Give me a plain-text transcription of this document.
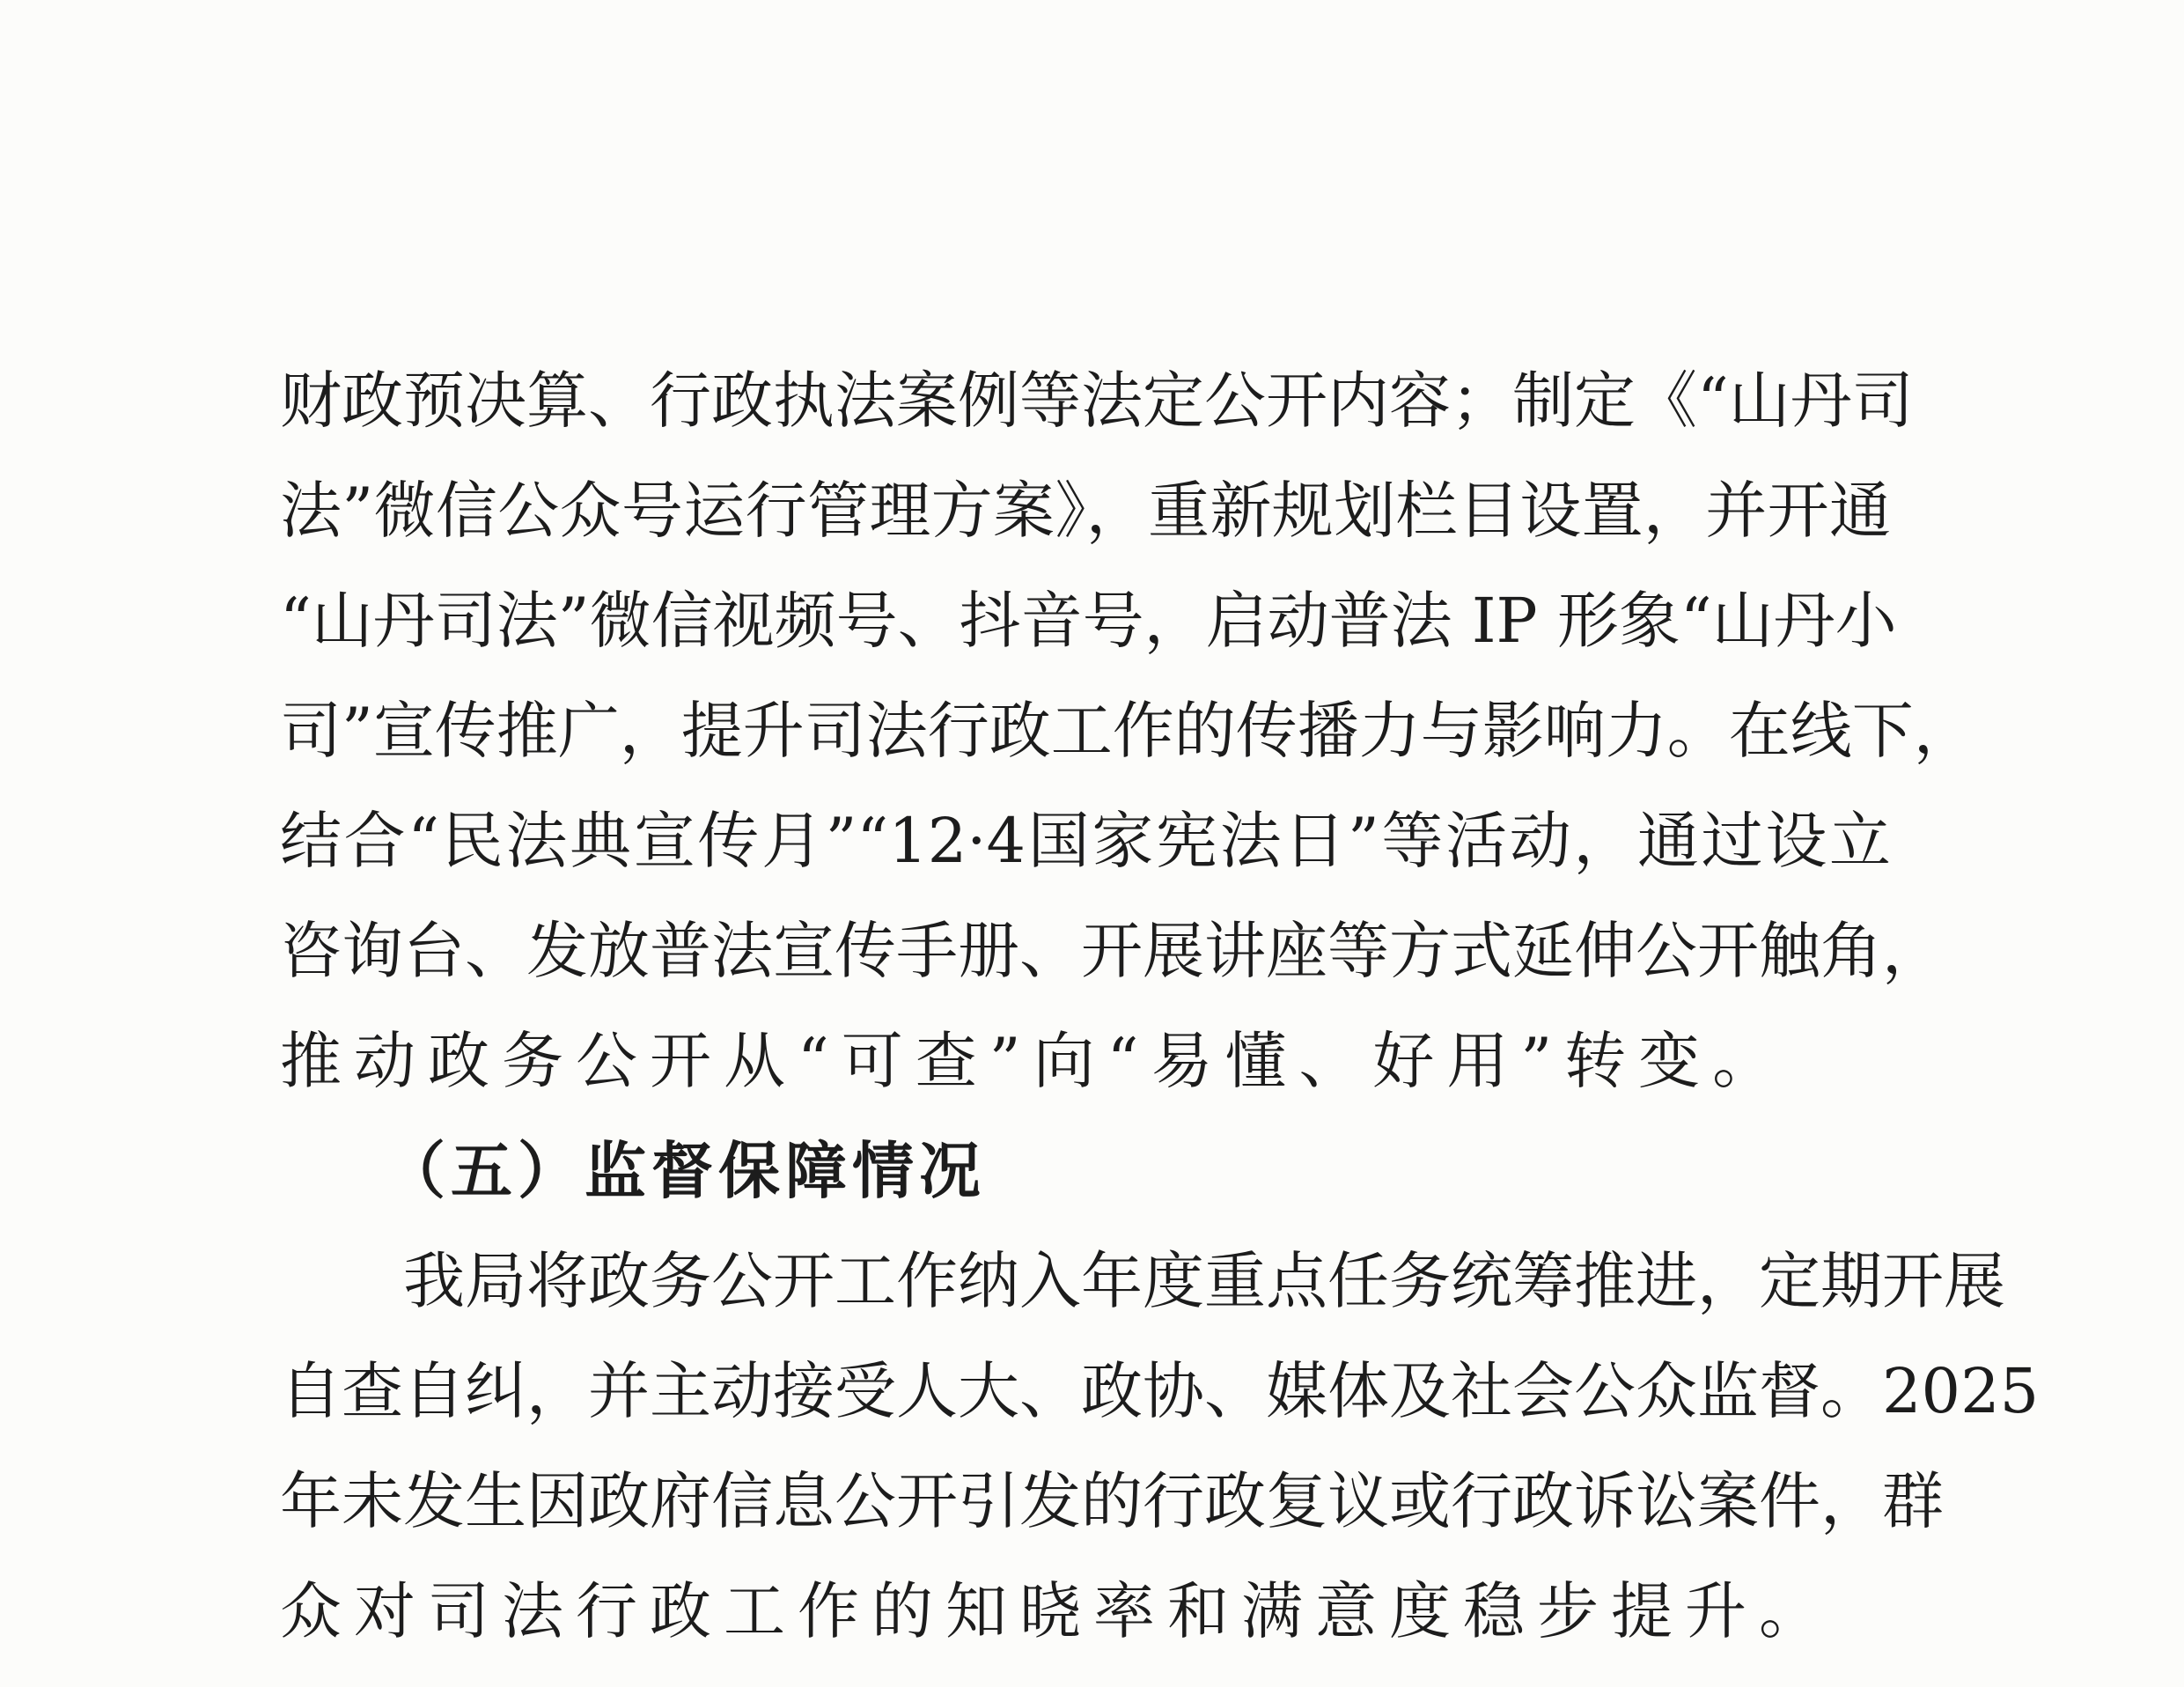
财政预决算、行政执法案例等法定公开内容；制定《“山丹司
法”微信公众号运行管理方案》，重新规划栏目设置，并开通
“山丹司法”微信视频号、抖音号，启动普法 IP 形象“山丹小
司”宣传推广，提升司法行政工作的传播力与影响力。在线下，
结合“民法典宣传月”“12·4国家宪法日”等活动，通过设立
咨询台、发放普法宣传手册、开展讲座等方式延伸公开触角，
推动政务公开从“可查”向“易懂、好用”转变。
（五）监督保障情况
　　我局将政务公开工作纳入年度重点任务统筹推进，定期开展
自查自纠，并主动接受人大、政协、媒体及社会公众监督。2025
年未发生因政府信息公开引发的行政复议或行政诉讼案件，群
众对司法行政工作的知晓率和满意度稳步提升。
